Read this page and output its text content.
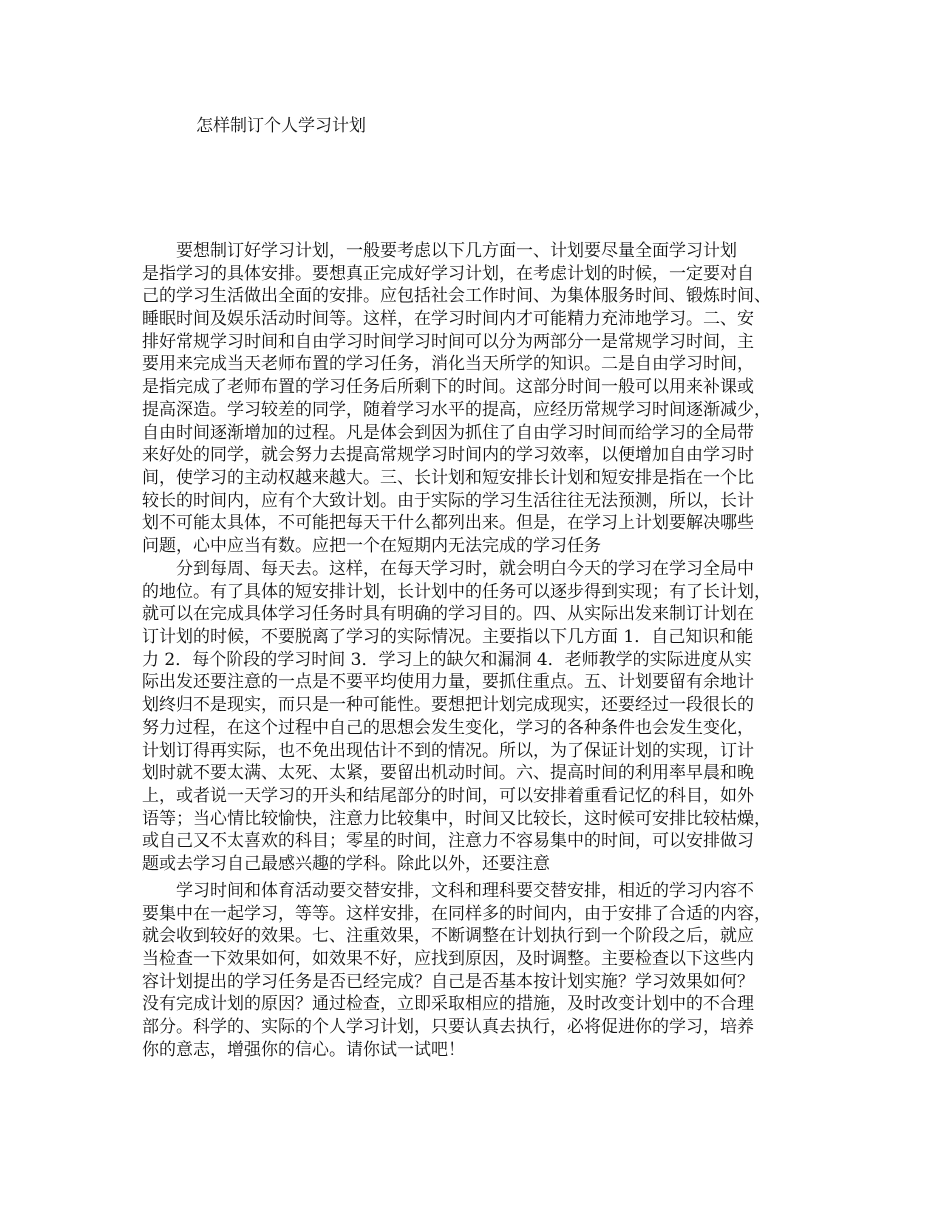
怎样制订个人学习计划
　　要想制订好学习计划，一般要考虑以下几方面一、计划要尽量全面学习计划
是指学习的具体安排。要想真正完成好学习计划，在考虑计划的时候，一定要对自
己的学习生活做出全面的安排。应包括社会工作时间、为集体服务时间、锻炼时间、
睡眠时间及娱乐活动时间等。这样，在学习时间内才可能精力充沛地学习。二、安
排好常规学习时间和自由学习时间学习时间可以分为两部分一是常规学习时间，主
要用来完成当天老师布置的学习任务，消化当天所学的知识。二是自由学习时间，
是指完成了老师布置的学习任务后所剩下的时间。这部分时间一般可以用来补课或
提高深造。学习较差的同学，随着学习水平的提高，应经历常规学习时间逐渐减少，
自由时间逐渐增加的过程。凡是体会到因为抓住了自由学习时间而给学习的全局带
来好处的同学，就会努力去提高常规学习时间内的学习效率，以便增加自由学习时
间，使学习的主动权越来越大。三、长计划和短安排长计划和短安排是指在一个比
较长的时间内，应有个大致计划。由于实际的学习生活往往无法预测，所以，长计
划不可能太具体，不可能把每天干什么都列出来。但是，在学习上计划要解决哪些
问题，心中应当有数。应把一个在短期内无法完成的学习任务
　　分到每周、每天去。这样，在每天学习时，就会明白今天的学习在学习全局中
的地位。有了具体的短安排计划，长计划中的任务可以逐步得到实现；有了长计划，
就可以在完成具体学习任务时具有明确的学习目的。四、从实际出发来制订计划在
订计划的时候，不要脱离了学习的实际情况。主要指以下几方面 1．自己知识和能
力 2．每个阶段的学习时间 3．学习上的缺欠和漏洞 4．老师教学的实际进度从实
际出发还要注意的一点是不要平均使用力量，要抓住重点。五、计划要留有余地计
划终归不是现实，而只是一种可能性。要想把计划完成现实，还要经过一段很长的
努力过程，在这个过程中自己的思想会发生变化，学习的各种条件也会发生变化，
计划订得再实际，也不免出现估计不到的情况。所以，为了保证计划的实现，订计
划时就不要太满、太死、太紧，要留出机动时间。六、提高时间的利用率早晨和晚
上，或者说一天学习的开头和结尾部分的时间，可以安排着重看记忆的科目，如外
语等；当心情比较愉快，注意力比较集中，时间又比较长，这时候可安排比较枯燥，
或自己又不太喜欢的科目；零星的时间，注意力不容易集中的时间，可以安排做习
题或去学习自己最感兴趣的学科。除此以外，还要注意
　　学习时间和体育活动要交替安排，文科和理科要交替安排，相近的学习内容不
要集中在一起学习，等等。这样安排，在同样多的时间内，由于安排了合适的内容，
就会收到较好的效果。七、注重效果，不断调整在计划执行到一个阶段之后，就应
当检查一下效果如何，如效果不好，应找到原因，及时调整。主要检查以下这些内
容计划提出的学习任务是否已经完成？自己是否基本按计划实施？学习效果如何？
没有完成计划的原因？通过检查，立即采取相应的措施，及时改变计划中的不合理
部分。科学的、实际的个人学习计划，只要认真去执行，必将促进你的学习，培养
你的意志，增强你的信心。请你试一试吧！
